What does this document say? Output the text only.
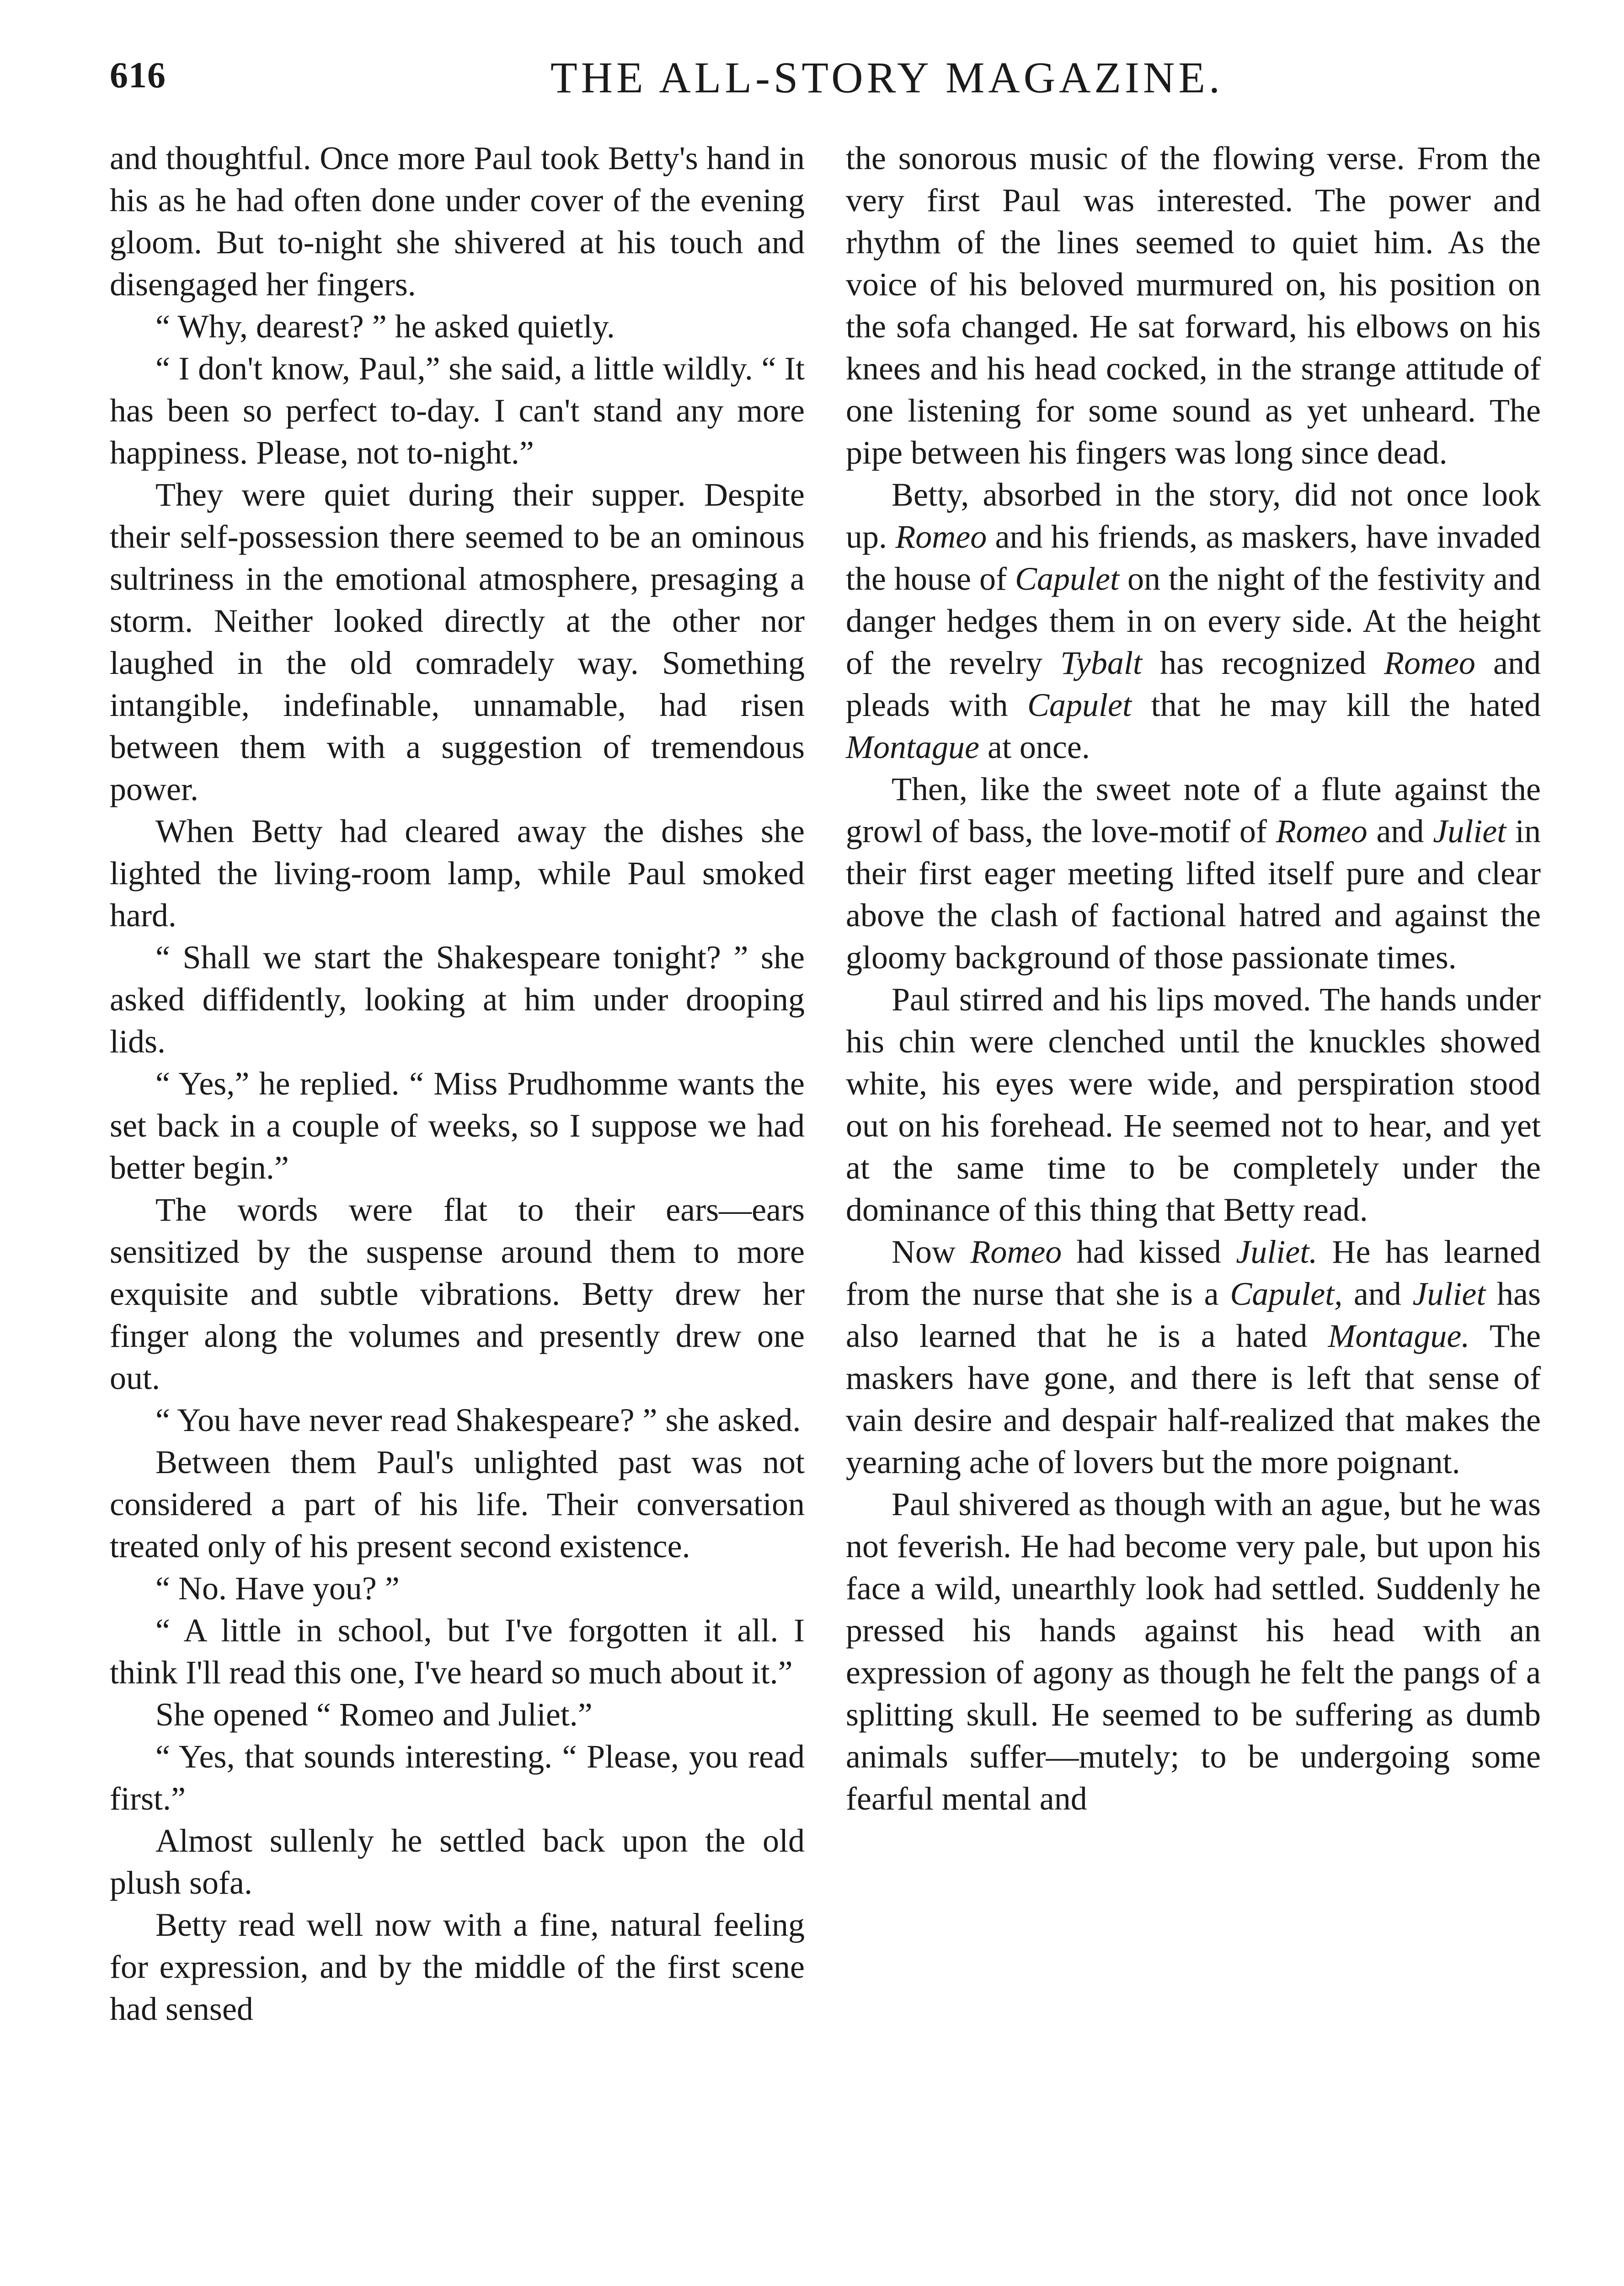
616	THE ALL-STORY MAGAZINE.

and thoughtful. Once more Paul took Betty's hand in his as he had often done under cover of the evening gloom. But to-night she shivered at his touch and disengaged her fingers.

“ Why, dearest? ” he asked quietly.

“ I don't know, Paul,” she said, a little wildly. “ It has been so perfect to-day. I can't stand any more happiness. Please, not to-night.”

They were quiet during their supper. Despite their self-possession there seemed to be an ominous sultriness in the emotional atmosphere, presaging a storm. Neither looked directly at the other nor laughed in the old comradely way. Something intangible, indefinable, unnamable, had risen between them with a suggestion of tremendous power.

When Betty had cleared away the dishes she lighted the living-room lamp, while Paul smoked hard.

“ Shall we start the Shakespeare tonight? ” she asked diffidently, looking at him under drooping lids.

“ Yes,” he replied. “ Miss Prudhomme wants the set back in a couple of weeks, so I suppose we had better begin.”

The words were flat to their ears—ears sensitized by the suspense around them to more exquisite and subtle vibrations. Betty drew her finger along the volumes and presently drew one out.

“ You have never read Shakespeare? ” she asked.

Between them Paul's unlighted past was not considered a part of his life. Their conversation treated only of his present second existence.

“ No. Have you? ”

“ A little in school, but I've forgotten it all. I think I'll read this one, I've heard so much about it.”

She opened “ Romeo and Juliet.”

“ Yes, that sounds interesting. “ Please, you read first.”

Almost sullenly he settled back upon the old plush sofa.

Betty read well now with a fine, natural feeling for expression, and by the middle of the first scene had sensed

the sonorous music of the flowing verse. From the very first Paul was interested. The power and rhythm of the lines seemed to quiet him. As the voice of his beloved murmured on, his position on the sofa changed. He sat forward, his elbows on his knees and his head cocked, in the strange attitude of one listening for some sound as yet unheard. The pipe between his fingers was long since dead.

Betty, absorbed in the story, did not once look up. Romeo and his friends, as maskers, have invaded the house of Capulet on the night of the festivity and danger hedges them in on every side. At the height of the revelry Tybalt has recognized Romeo and pleads with Capulet that he may kill the hated Montague at once.

Then, like the sweet note of a flute against the growl of bass, the love-motif of Romeo and Juliet in their first eager meeting lifted itself pure and clear above the clash of factional hatred and against the gloomy background of those passionate times.

Paul stirred and his lips moved. The hands under his chin were clenched until the knuckles showed white, his eyes were wide, and perspiration stood out on his forehead. He seemed not to hear, and yet at the same time to be completely under the dominance of this thing that Betty read.

Now Romeo had kissed Juliet. He has learned from the nurse that she is a Capulet, and Juliet has also learned that he is a hated Montague. The maskers have gone, and there is left that sense of vain desire and despair half-realized that makes the yearning ache of lovers but the more poignant.

Paul shivered as though with an ague, but he was not feverish. He had become very pale, but upon his face a wild, unearthly look had settled. Suddenly he pressed his hands against his head with an expression of agony as though he felt the pangs of a splitting skull. He seemed to be suffering as dumb animals suffer—mutely; to be undergoing some fearful mental and
